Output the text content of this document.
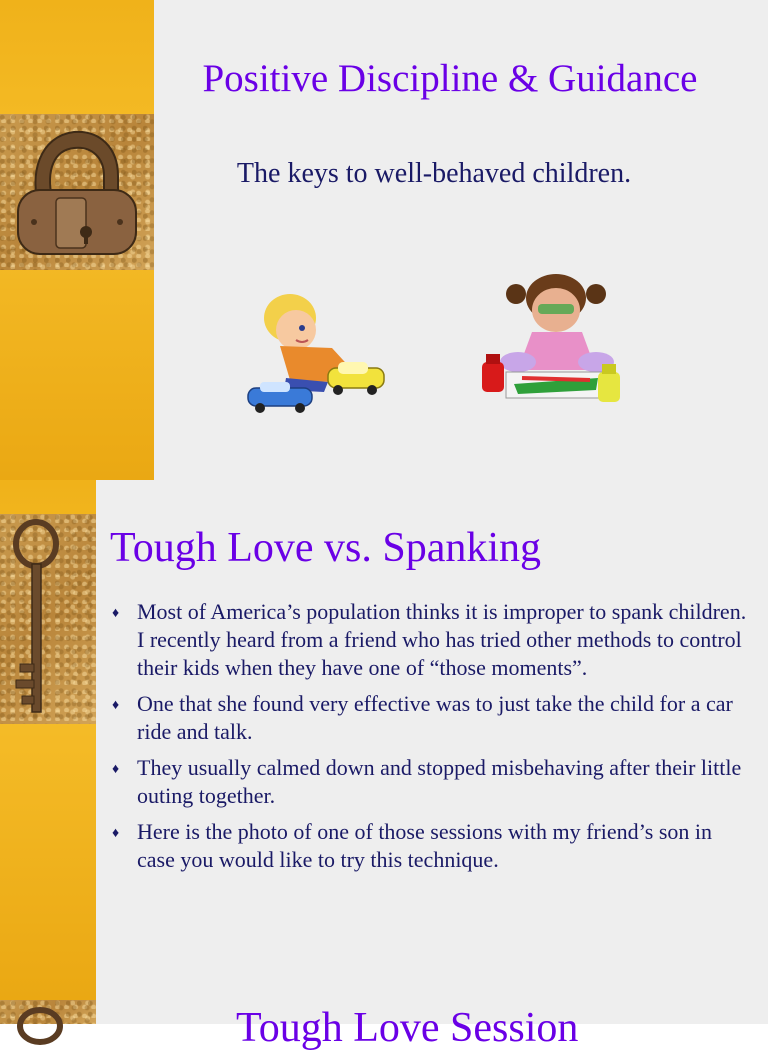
Positive Discipline & Guidance
The keys to well-behaved children.
Tough Love vs. Spanking
♦ Most of America’s population thinks it is improper to spank children. I recently heard from a friend who has tried other methods to control their kids when they have one of “those moments”.
♦ One that she found very effective was to just take the child for a car ride and talk.
♦ They usually calmed down and stopped misbehaving after their little outing together.
♦ Here is the photo of one of those sessions with my friend’s son in case you would like to try this technique.
Tough Love Session
